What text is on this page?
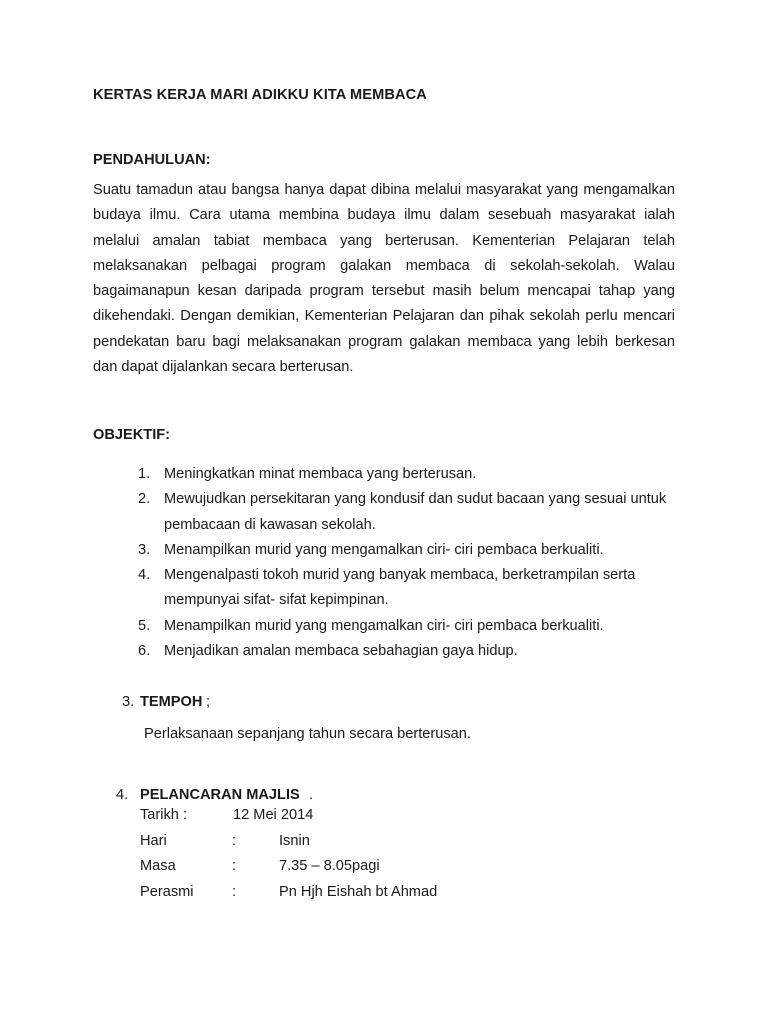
KERTAS KERJA MARI ADIKKU KITA MEMBACA
PENDAHULUAN:
Suatu tamadun atau bangsa hanya dapat dibina melalui masyarakat yang mengamalkan budaya ilmu. Cara utama membina budaya ilmu dalam sesebuah masyarakat ialah melalui amalan tabiat membaca yang berterusan. Kementerian Pelajaran telah melaksanakan pelbagai program galakan membaca di sekolah-sekolah. Walau bagaimanapun kesan daripada program tersebut masih belum mencapai tahap yang dikehendaki. Dengan demikian, Kementerian Pelajaran dan pihak sekolah perlu mencari pendekatan baru bagi melaksanakan program galakan membaca yang lebih berkesan dan dapat dijalankan secara berterusan.
OBJEKTIF:
1. Meningkatkan minat membaca yang berterusan.
2. Mewujudkan persekitaran yang kondusif dan sudut bacaan yang sesuai untuk pembacaan di kawasan sekolah.
3. Menampilkan murid yang mengamalkan ciri- ciri pembaca berkualiti.
4. Mengenalpasti tokoh murid yang banyak membaca, berketrampilan serta mempunyai sifat- sifat kepimpinan.
5. Menampilkan murid yang mengamalkan ciri- ciri pembaca berkualiti.
6. Menjadikan amalan membaca sebahagian gaya hidup.
3. TEMPOH ;
Perlaksanaan sepanjang tahun secara berterusan.
4. PELANCARAN MAJLIS .
Tarikh :	12 Mei 2014
Hari	:	Isnin
Masa	:	7.35 – 8.05pagi
Perasmi	:	Pn Hjh Eishah bt Ahmad
